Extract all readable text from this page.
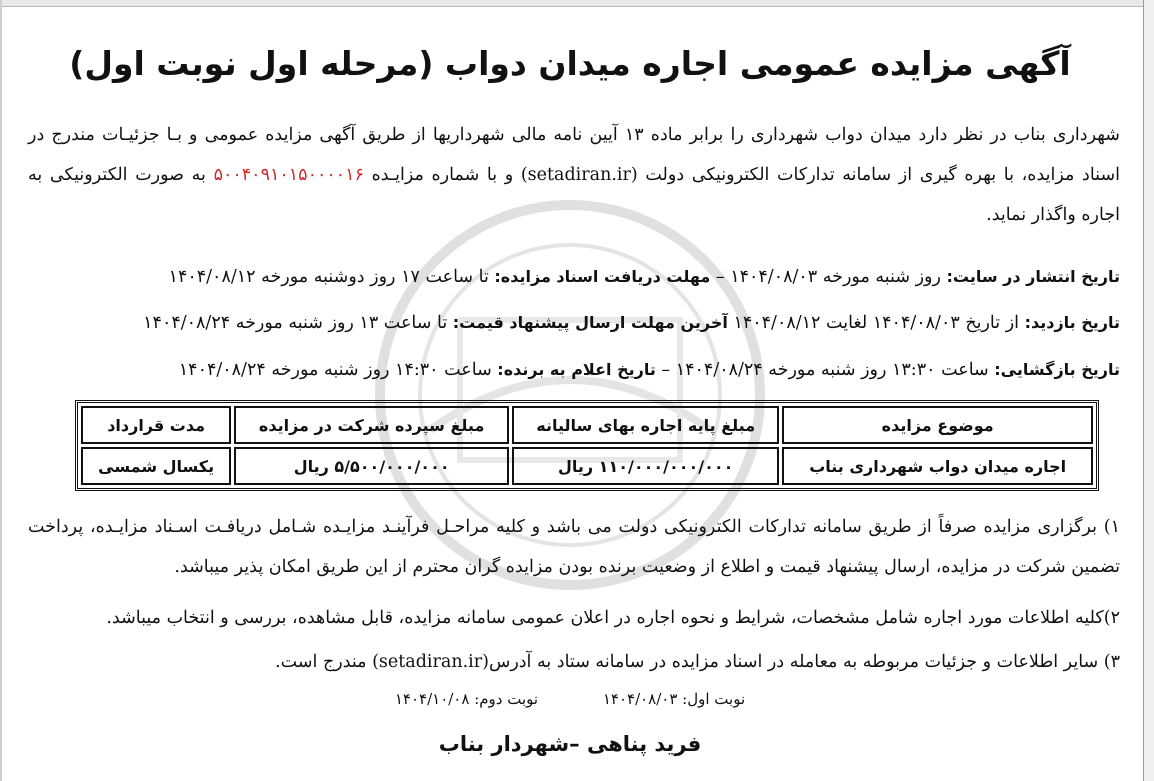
آگهی مزایده عمومی اجاره میدان دواب (مرحله اول نوبت اول)
شهرداری بناب در نظر دارد میدان دواب شهرداری را برابر ماده ۱۳ آیین نامه مالی شهرداریها از طریق آگهی مزایده عمومی و بـا جزئیـات مندرج در اسناد مزایده، با بهره گیری از سامانه تدارکات الکترونیکی دولت (setadiran.ir) و با شماره مزایـده ۵۰۰۴۰۹۱۰۱۵۰۰۰۰۱۶ به صورت الکترونیکی به اجاره واگذار نماید.
تاریخ انتشار در سایت: روز شنبه مورخه ۱۴۰۴/۰۸/۰۳ – مهلت دریافت اسناد مزایده: تا ساعت ۱۷ روز دوشنبه مورخه ۱۴۰۴/۰۸/۱۲
تاریخ بازدید: از تاریخ ۱۴۰۴/۰۸/۰۳ لغایت ۱۴۰۴/۰۸/۱۲ آخرین مهلت ارسال پیشنهاد قیمت: تا ساعت ۱۳ روز شنبه مورخه ۱۴۰۴/۰۸/۲۴
تاریخ بازگشایی: ساعت ۱۳:۳۰ روز شنبه مورخه ۱۴۰۴/۰۸/۲۴ – تاریخ اعلام به برنده: ساعت ۱۴:۳۰ روز شنبه مورخه ۱۴۰۴/۰۸/۲۴
موضوع مزایده	مبلغ پایه اجاره بهای سالیانه	مبلغ سپرده شرکت در مزایده	مدت قرارداد
اجاره میدان دواب شهرداری بناب	۱۱۰/۰۰۰/۰۰۰/۰۰۰ ریال	۵/۵۰۰/۰۰۰/۰۰۰ ریال	یکسال شمسی
۱) برگزاری مزایده صرفاً از طریق سامانه تدارکات الکترونیکی دولت می باشد و کلیه مراحـل فرآینـد مزایـده شـامل دریافـت اسـناد مزایـده، پرداخت تضمین شرکت در مزایده، ارسال پیشنهاد قیمت و اطلاع از وضعیت برنده بودن مزایده گران محترم از این طریق امکان پذیر میباشد.
۲)کلیه اطلاعات مورد اجاره شامل مشخصات، شرایط و نحوه اجاره در اعلان عمومی سامانه مزایده، قابل مشاهده، بررسی و انتخاب میباشد.
۳) سایر اطلاعات و جزئیات مربوطه به معامله در اسناد مزایده در سامانه ستاد به آدرس(setadiran.ir) مندرج است.
نوبت اول: ۱۴۰۴/۰۸/۰۳ نوبت دوم: ۱۴۰۴/۱۰/۰۸
فرید پناهی –شهردار بناب
